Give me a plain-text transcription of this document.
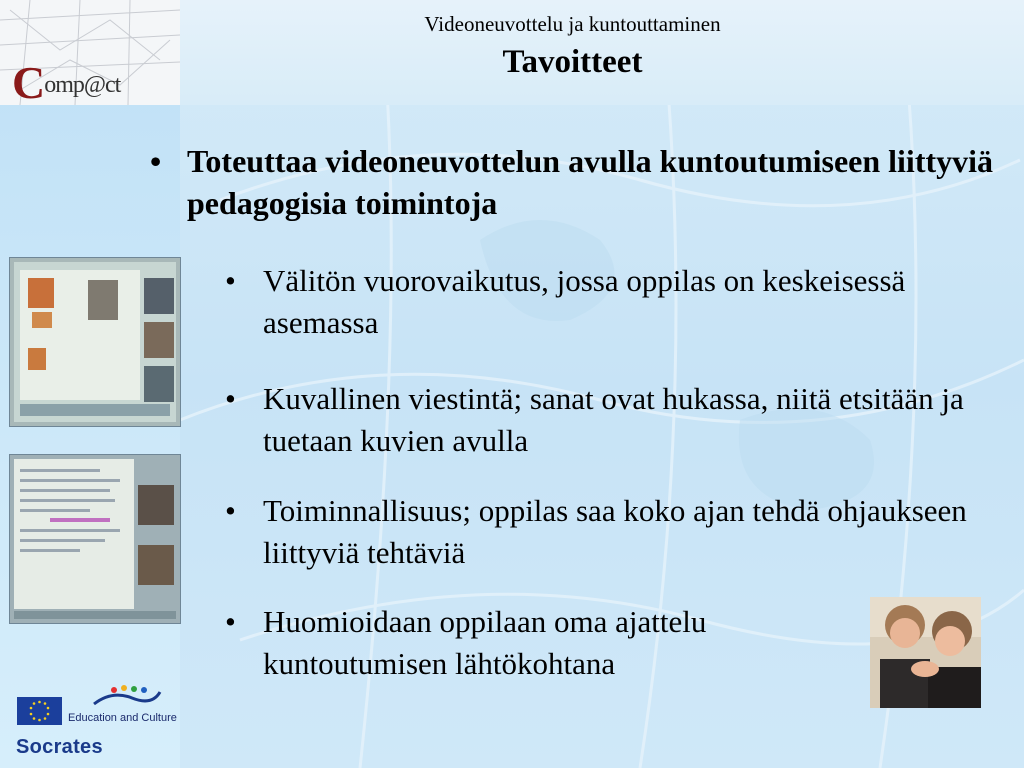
Comp@ct
Videoneuvottelu ja kuntouttaminen
Tavoitteet
• Toteuttaa videoneuvottelun avulla kuntoutumiseen liittyviä pedagogisia toimintoja
• Välitön vuorovaikutus, jossa oppilas on keskeisessä asemassa
• Kuvallinen viestintä; sanat ovat hukassa, niitä etsitään ja tuetaan kuvien avulla
• Toiminnallisuus; oppilas saa koko ajan tehdä ohjaukseen liittyviä tehtäviä
• Huomioidaan oppilaan oma ajattelu kuntoutumisen lähtökohtana
Education and Culture
Socrates
